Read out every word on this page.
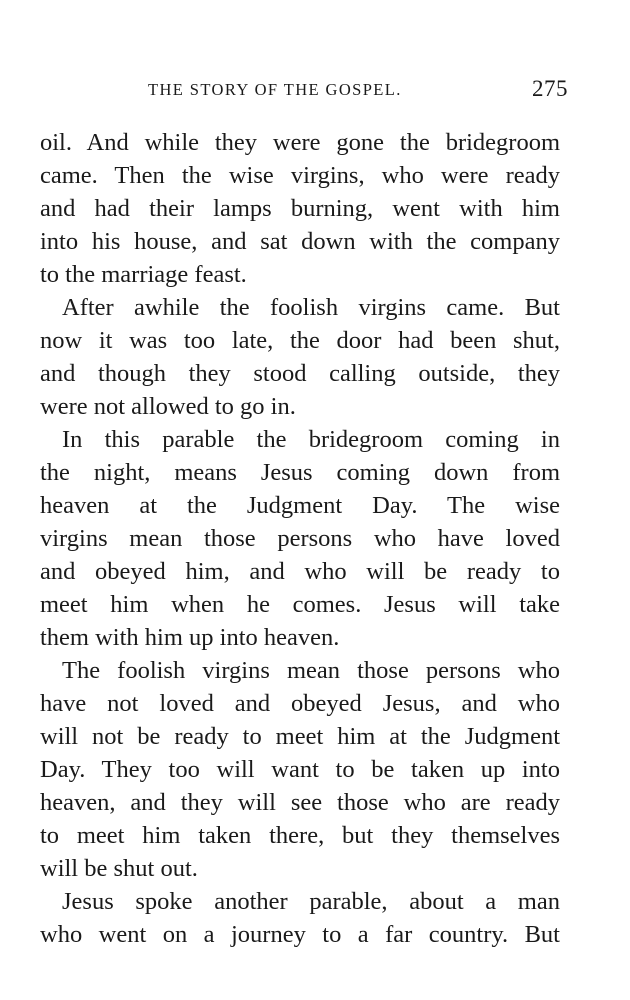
THE STORY OF THE GOSPEL.	275

oil. And while they were gone the bridegroom
came. Then the wise virgins, who were ready
and had their lamps burning, went with him
into his house, and sat down with the company
to the marriage feast.

After awhile the foolish virgins came. But
now it was too late, the door had been shut,
and though they stood calling outside, they
were not allowed to go in.

In this parable the bridegroom coming in
the night, means Jesus coming down from
heaven at the Judgment Day. The wise
virgins mean those persons who have loved
and obeyed him, and who will be ready to
meet him when he comes. Jesus will take
them with him up into heaven.

The foolish virgins mean those persons who
have not loved and obeyed Jesus, and who
will not be ready to meet him at the Judgment
Day. They too will want to be taken up into
heaven, and they will see those who are ready
to meet him taken there, but they themselves
will be shut out.

Jesus spoke another parable, about a man
who went on a journey to a far country. But
